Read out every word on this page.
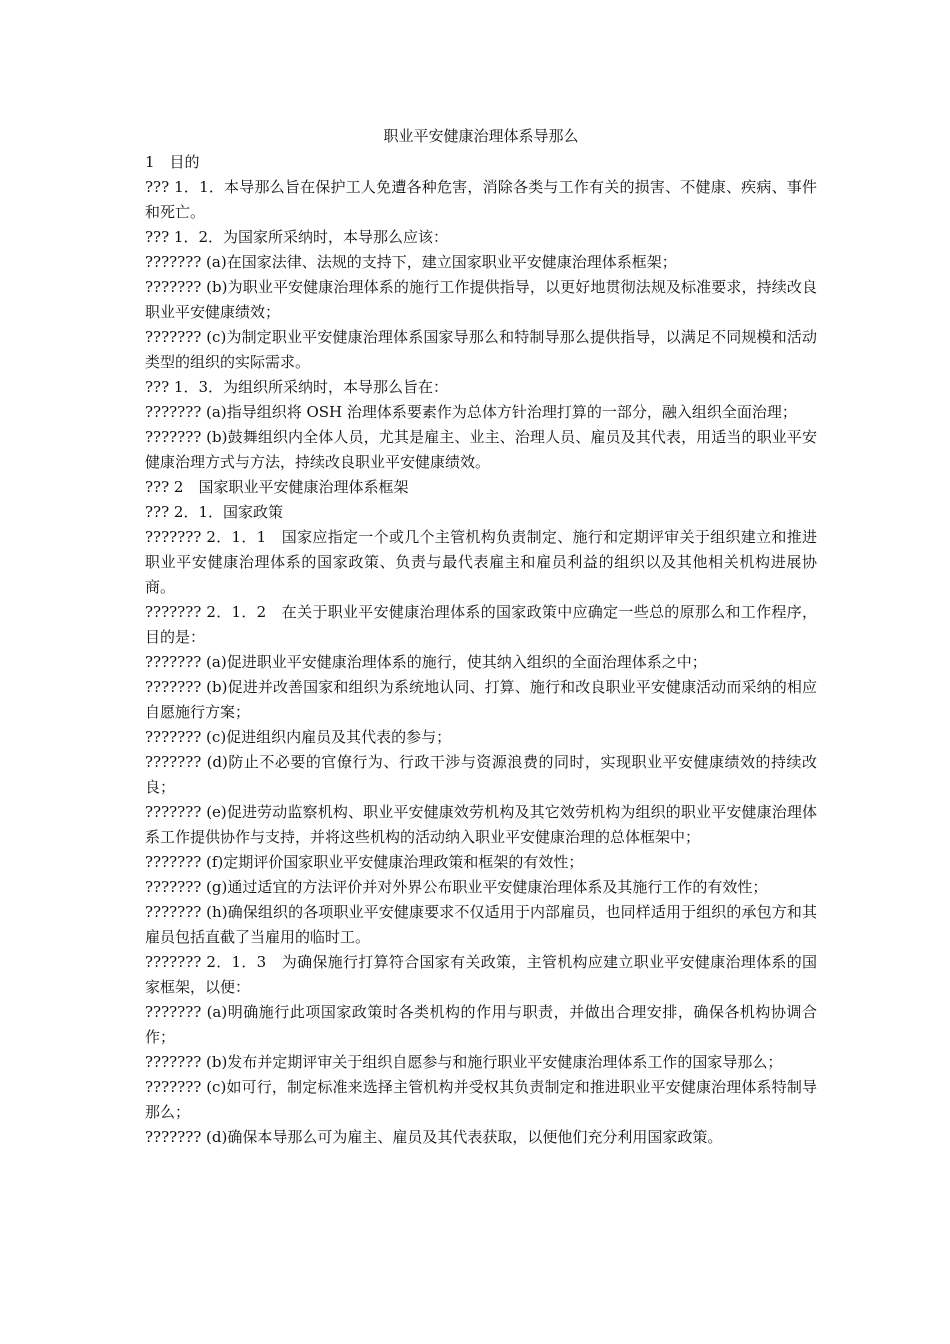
职业平安健康治理体系导那么

1　目的

??? 1．1．本导那么旨在保护工人免遭各种危害，消除各类与工作有关的损害、不健康、疾病、事件和死亡。

??? 1．2．为国家所采纳时，本导那么应该：

??????? (a)在国家法律、法规的支持下，建立国家职业平安健康治理体系框架；

??????? (b)为职业平安健康治理体系的施行工作提供指导，以更好地贯彻法规及标准要求，持续改良职业平安健康绩效；

??????? (c)为制定职业平安健康治理体系国家导那么和特制导那么提供指导，以满足不同规模和活动类型的组织的实际需求。

??? 1．3．为组织所采纳时，本导那么旨在：

??????? (a)指导组织将 OSH 治理体系要素作为总体方针治理打算的一部分，融入组织全面治理；

??????? (b)鼓舞组织内全体人员，尤其是雇主、业主、治理人员、雇员及其代表，用适当的职业平安健康治理方式与方法，持续改良职业平安健康绩效。

??? 2　国家职业平安健康治理体系框架

??? 2．1．国家政策

??????? 2．1．1　国家应指定一个或几个主管机构负责制定、施行和定期评审关于组织建立和推进职业平安健康治理体系的国家政策、负责与最代表雇主和雇员利益的组织以及其他相关机构进展协商。

??????? 2．1．2　在关于职业平安健康治理体系的国家政策中应确定一些总的原那么和工作程序，目的是：

??????? (a)促进职业平安健康治理体系的施行，使其纳入组织的全面治理体系之中；

??????? (b)促进并改善国家和组织为系统地认同、打算、施行和改良职业平安健康活动而采纳的相应自愿施行方案；

??????? (c)促进组织内雇员及其代表的参与；

??????? (d)防止不必要的官僚行为、行政干涉与资源浪费的同时，实现职业平安健康绩效的持续改良；

??????? (e)促进劳动监察机构、职业平安健康效劳机构及其它效劳机构为组织的职业平安健康治理体系工作提供协作与支持，并将这些机构的活动纳入职业平安健康治理的总体框架中；

??????? (f)定期评价国家职业平安健康治理政策和框架的有效性；

??????? (g)通过适宜的方法评价并对外界公布职业平安健康治理体系及其施行工作的有效性；

??????? (h)确保组织的各项职业平安健康要求不仅适用于内部雇员，也同样适用于组织的承包方和其雇员包括直截了当雇用的临时工。

??????? 2．1．3　为确保施行打算符合国家有关政策，主管机构应建立职业平安健康治理体系的国家框架，以便：

??????? (a)明确施行此项国家政策时各类机构的作用与职责，并做出合理安排，确保各机构协调合作；

??????? (b)发布并定期评审关于组织自愿参与和施行职业平安健康治理体系工作的国家导那么；

??????? (c)如可行，制定标准来选择主管机构并受权其负责制定和推进职业平安健康治理体系特制导那么；

??????? (d)确保本导那么可为雇主、雇员及其代表获取，以便他们充分利用国家政策。
